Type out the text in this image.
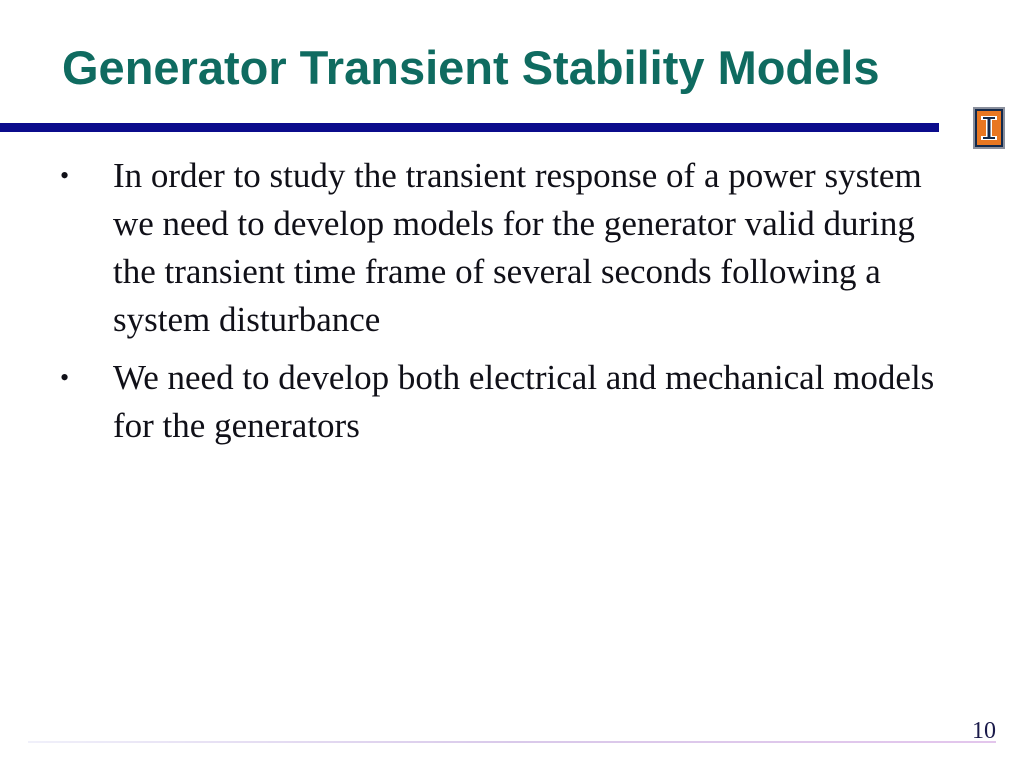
Generator Transient Stability Models
•	In order to study the transient response of a power system we need to develop models for the generator valid during the transient time frame of several seconds following a system disturbance
•	We need to develop both electrical and mechanical models for the generators
10
